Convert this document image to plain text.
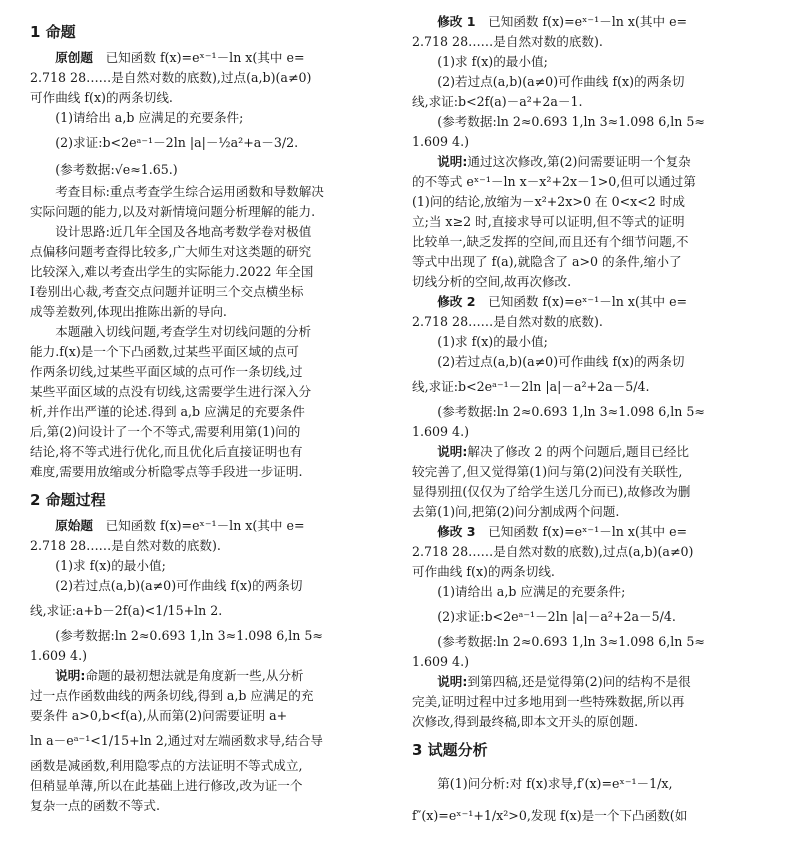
1 命题

原创题　 已知函数 f(x)=eˣ⁻¹－ln x(其中 e=

2.718 28……是自然对数的底数),过点(a,b)(a≠0)

可作曲线 f(x)的两条切线.

(1)请给出 a,b 应满足的充要条件;

(2)求证:b<2eᵃ⁻¹－2ln |a|－½a²+a－3/2.

(参考数据:√e≈1.65.)

考查目标:重点考查学生综合运用函数和导数解决

实际问题的能力,以及对新情境问题分析理解的能力.

设计思路:近几年全国及各地高考数学卷对极值

点偏移问题考查得比较多,广大师生对这类题的研究

比较深入,难以考查出学生的实际能力.2022 年全国

Ⅰ卷别出心裁,考查交点问题并证明三个交点横坐标

成等差数列,体现出推陈出新的导向.

本题融入切线问题,考查学生对切线问题的分析

能力.f(x)是一个下凸函数,过某些平面区域的点可

作两条切线,过某些平面区域的点可作一条切线,过

某些平面区域的点没有切线,这需要学生进行深入分

析,并作出严谨的论述.得到 a,b 应满足的充要条件

后,第(2)问设计了一个不等式,需要利用第(1)问的

结论,将不等式进行优化,而且优化后直接证明也有

难度,需要用放缩或分析隐零点等手段进一步证明.

2 命题过程

原始题　 已知函数 f(x)=eˣ⁻¹－ln x(其中 e=

2.718 28……是自然对数的底数).

(1)求 f(x)的最小值;

(2)若过点(a,b)(a≠0)可作曲线 f(x)的两条切

线,求证:a+b－2f(a)<1/15+ln 2.

(参考数据:ln 2≈0.693 1,ln 3≈1.098 6,ln 5≈

1.609 4.)

说明:命题的最初想法就是角度新一些,从分析

过一点作函数曲线的两条切线,得到 a,b 应满足的充

要条件 a>0,b<f(a),从而第(2)问需要证明 a+

ln a－eᵃ⁻¹<1/15+ln 2,通过对左端函数求导,结合导

函数是减函数,利用隐零点的方法证明不等式成立,

但稍显单薄,所以在此基础上进行修改,改为证一个

复杂一点的函数不等式.

修改 1　 已知函数 f(x)=eˣ⁻¹－ln x(其中 e=

2.718 28……是自然对数的底数).

(1)求 f(x)的最小值;

(2)若过点(a,b)(a≠0)可作曲线 f(x)的两条切

线,求证:b<2f(a)－a²+2a－1.

(参考数据:ln 2≈0.693 1,ln 3≈1.098 6,ln 5≈

1.609 4.)

说明:通过这次修改,第(2)问需要证明一个复杂

的不等式 eˣ⁻¹－ln x－x²+2x－1>0,但可以通过第

(1)问的结论,放缩为－x²+2x>0 在 0<x<2 时成

立;当 x≥2 时,直接求导可以证明,但不等式的证明

比较单一,缺乏发挥的空间,而且还有个细节问题,不

等式中出现了 f(a),就隐含了 a>0 的条件,缩小了

切线分析的空间,故再次修改.

修改 2　 已知函数 f(x)=eˣ⁻¹－ln x(其中 e=

2.718 28……是自然对数的底数).

(1)求 f(x)的最小值;

(2)若过点(a,b)(a≠0)可作曲线 f(x)的两条切

线,求证:b<2eᵃ⁻¹－2ln |a|－a²+2a－5/4.

(参考数据:ln 2≈0.693 1,ln 3≈1.098 6,ln 5≈

1.609 4.)

说明:解决了修改 2 的两个问题后,题目已经比

较完善了,但又觉得第(1)问与第(2)问没有关联性,

显得别扭(仅仅为了给学生送几分而已),故修改为删

去第(1)问,把第(2)问分割成两个问题.

修改 3　 已知函数 f(x)=eˣ⁻¹－ln x(其中 e=

2.718 28……是自然对数的底数),过点(a,b)(a≠0)

可作曲线 f(x)的两条切线.

(1)请给出 a,b 应满足的充要条件;

(2)求证:b<2eᵃ⁻¹－2ln |a|－a²+2a－5/4.

(参考数据:ln 2≈0.693 1,ln 3≈1.098 6,ln 5≈

1.609 4.)

说明:到第四稿,还是觉得第(2)问的结构不是很

完美,证明过程中过多地用到一些特殊数据,所以再

次修改,得到最终稿,即本文开头的原创题.

3 试题分析

第(1)问分析:对 f(x)求导,f′(x)=eˣ⁻¹－1/x,

f″(x)=eˣ⁻¹+1/x²>0,发现 f(x)是一个下凸函数(如
